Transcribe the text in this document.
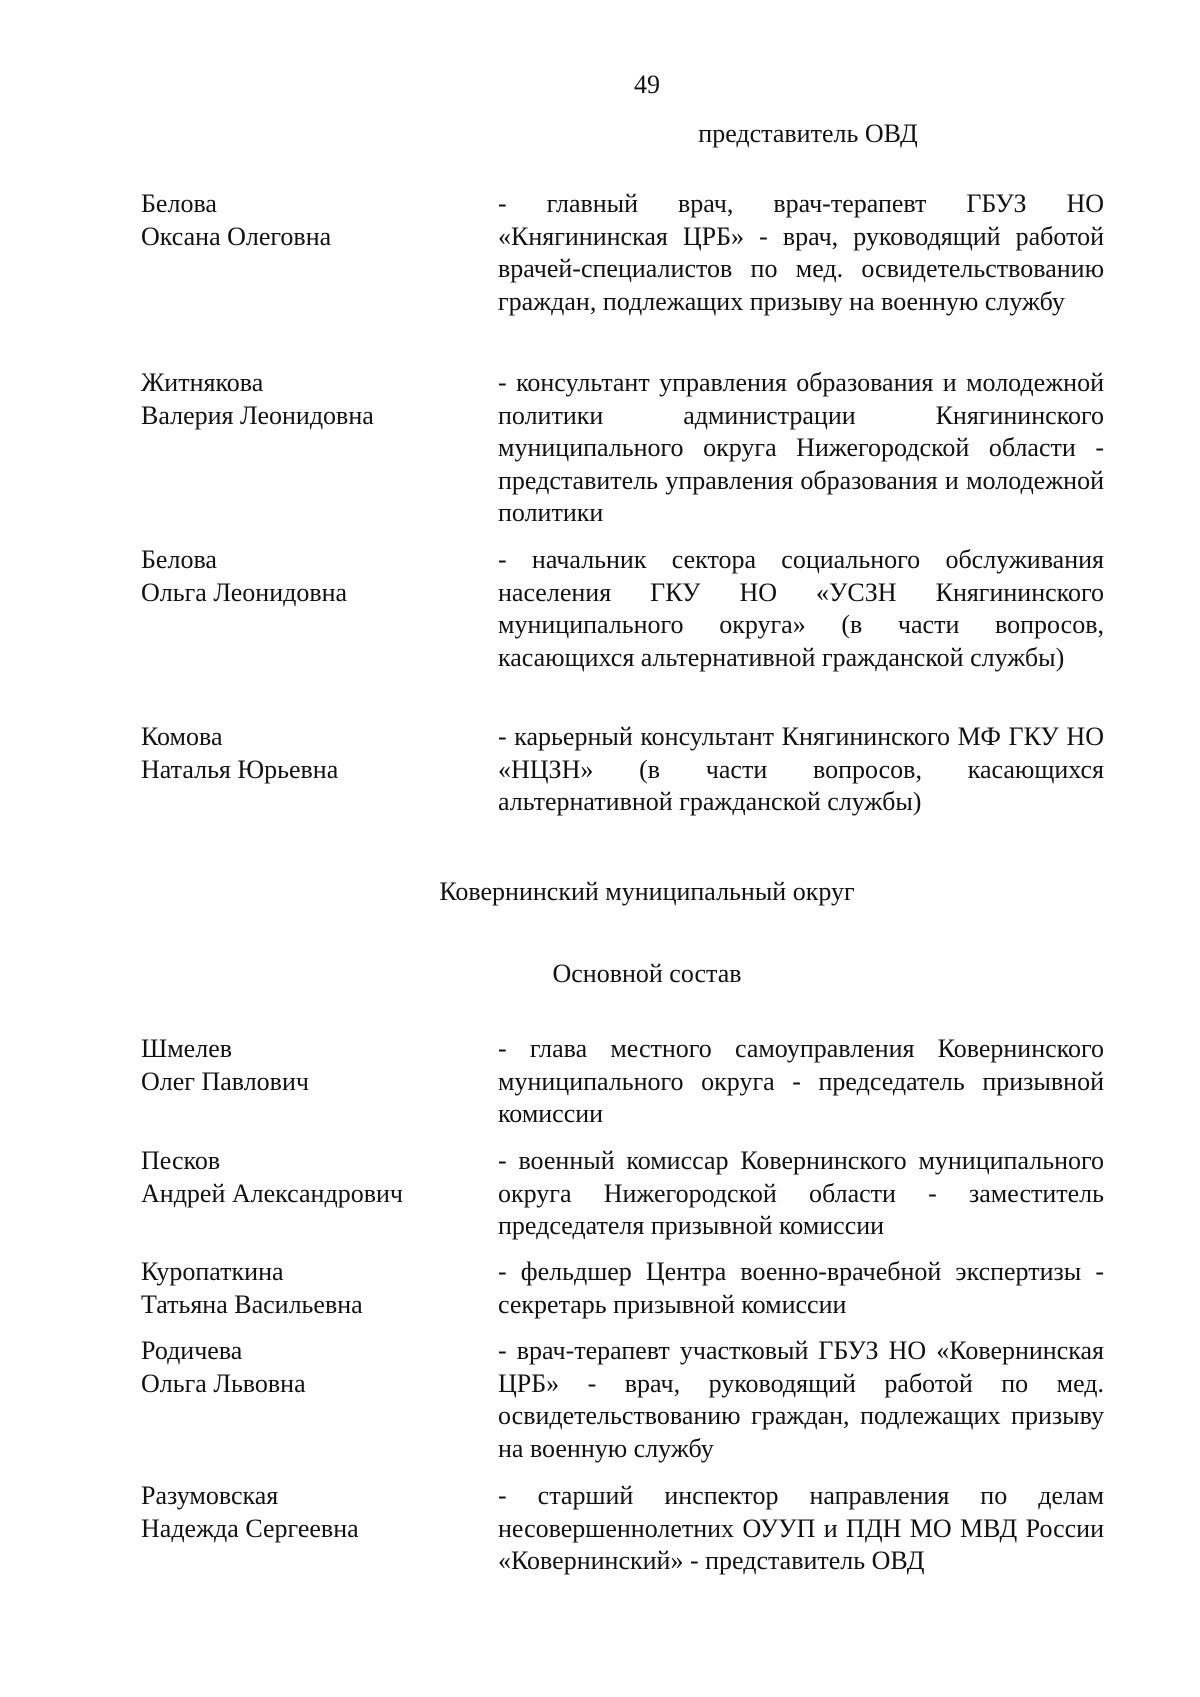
49
представитель ОВД
Белова
Оксана Олеговна
- главный врач, врач-терапевт ГБУЗ НО «Княгининская ЦРБ» - врач, руководящий работой врачей-специалистов по мед. освидетельствованию граждан, подлежащих призыву на военную службу
Житнякова
Валерия Леонидовна
- консультант управления образования и молодежной политики администрации Княгининского муниципального округа Нижегородской области - представитель управления образования и молодежной политики
Белова
Ольга Леонидовна
- начальник сектора социального обслуживания населения ГКУ НО «УСЗН Княгининского муниципального округа» (в части вопросов, касающихся альтернативной гражданской службы)
Комова
Наталья Юрьевна
- карьерный консультант Княгининского МФ ГКУ НО «НЦЗН» (в части вопросов, касающихся альтернативной гражданской службы)
Ковернинский муниципальный округ
Основной состав
Шмелев
Олег Павлович
- глава местного самоуправления Ковернинского муниципального округа - председатель призывной комиссии
Песков
Андрей Александрович
- военный комиссар Ковернинского муниципального округа Нижегородской области - заместитель председателя призывной комиссии
Куропаткина
Татьяна Васильевна
- фельдшер Центра военно-врачебной экспертизы - секретарь призывной комиссии
Родичева
Ольга Львовна
- врач-терапевт участковый ГБУЗ НО «Ковернинская ЦРБ» - врач, руководящий работой по мед. освидетельствованию граждан, подлежащих призыву на военную службу
Разумовская
Надежда Сергеевна
- старший инспектор направления по делам несовершеннолетних ОУУП и ПДН МО МВД России «Ковернинский» - представитель ОВД
